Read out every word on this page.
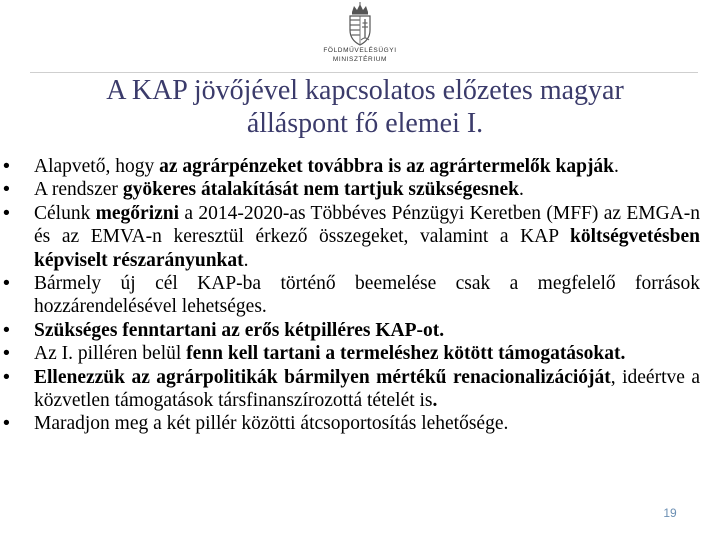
FÖLDMŰVELÉSÜGYI
MINISZTÉRIUM
A KAP jövőjével kapcsolatos előzetes magyar
álláspont fő elemei I.
•	Alapvető, hogy az agrárpénzeket továbbra is az agrártermelők kapják.
•	A rendszer gyökeres átalakítását nem tartjuk szükségesnek.
•	Célunk megőrizni a 2014-2020-as Többéves Pénzügyi Keretben (MFF) az EMGA-n és az EMVA-n keresztül érkező összegeket, valamint a KAP költségvetésben képviselt részarányunkat.
•	Bármely új cél KAP-ba történő beemelése csak a megfelelő források hozzárendelésével lehetséges.
•	Szükséges fenntartani az erős kétpilléres KAP-ot.
•	Az I. pilléren belül fenn kell tartani a termeléshez kötött támogatásokat.
•	Ellenezzük az agrárpolitikák bármilyen mértékű renacionalizációját, ideértve a közvetlen támogatások társfinanszírozottá tételét is.
•	Maradjon meg a két pillér közötti átcsoportosítás lehetősége.
19
